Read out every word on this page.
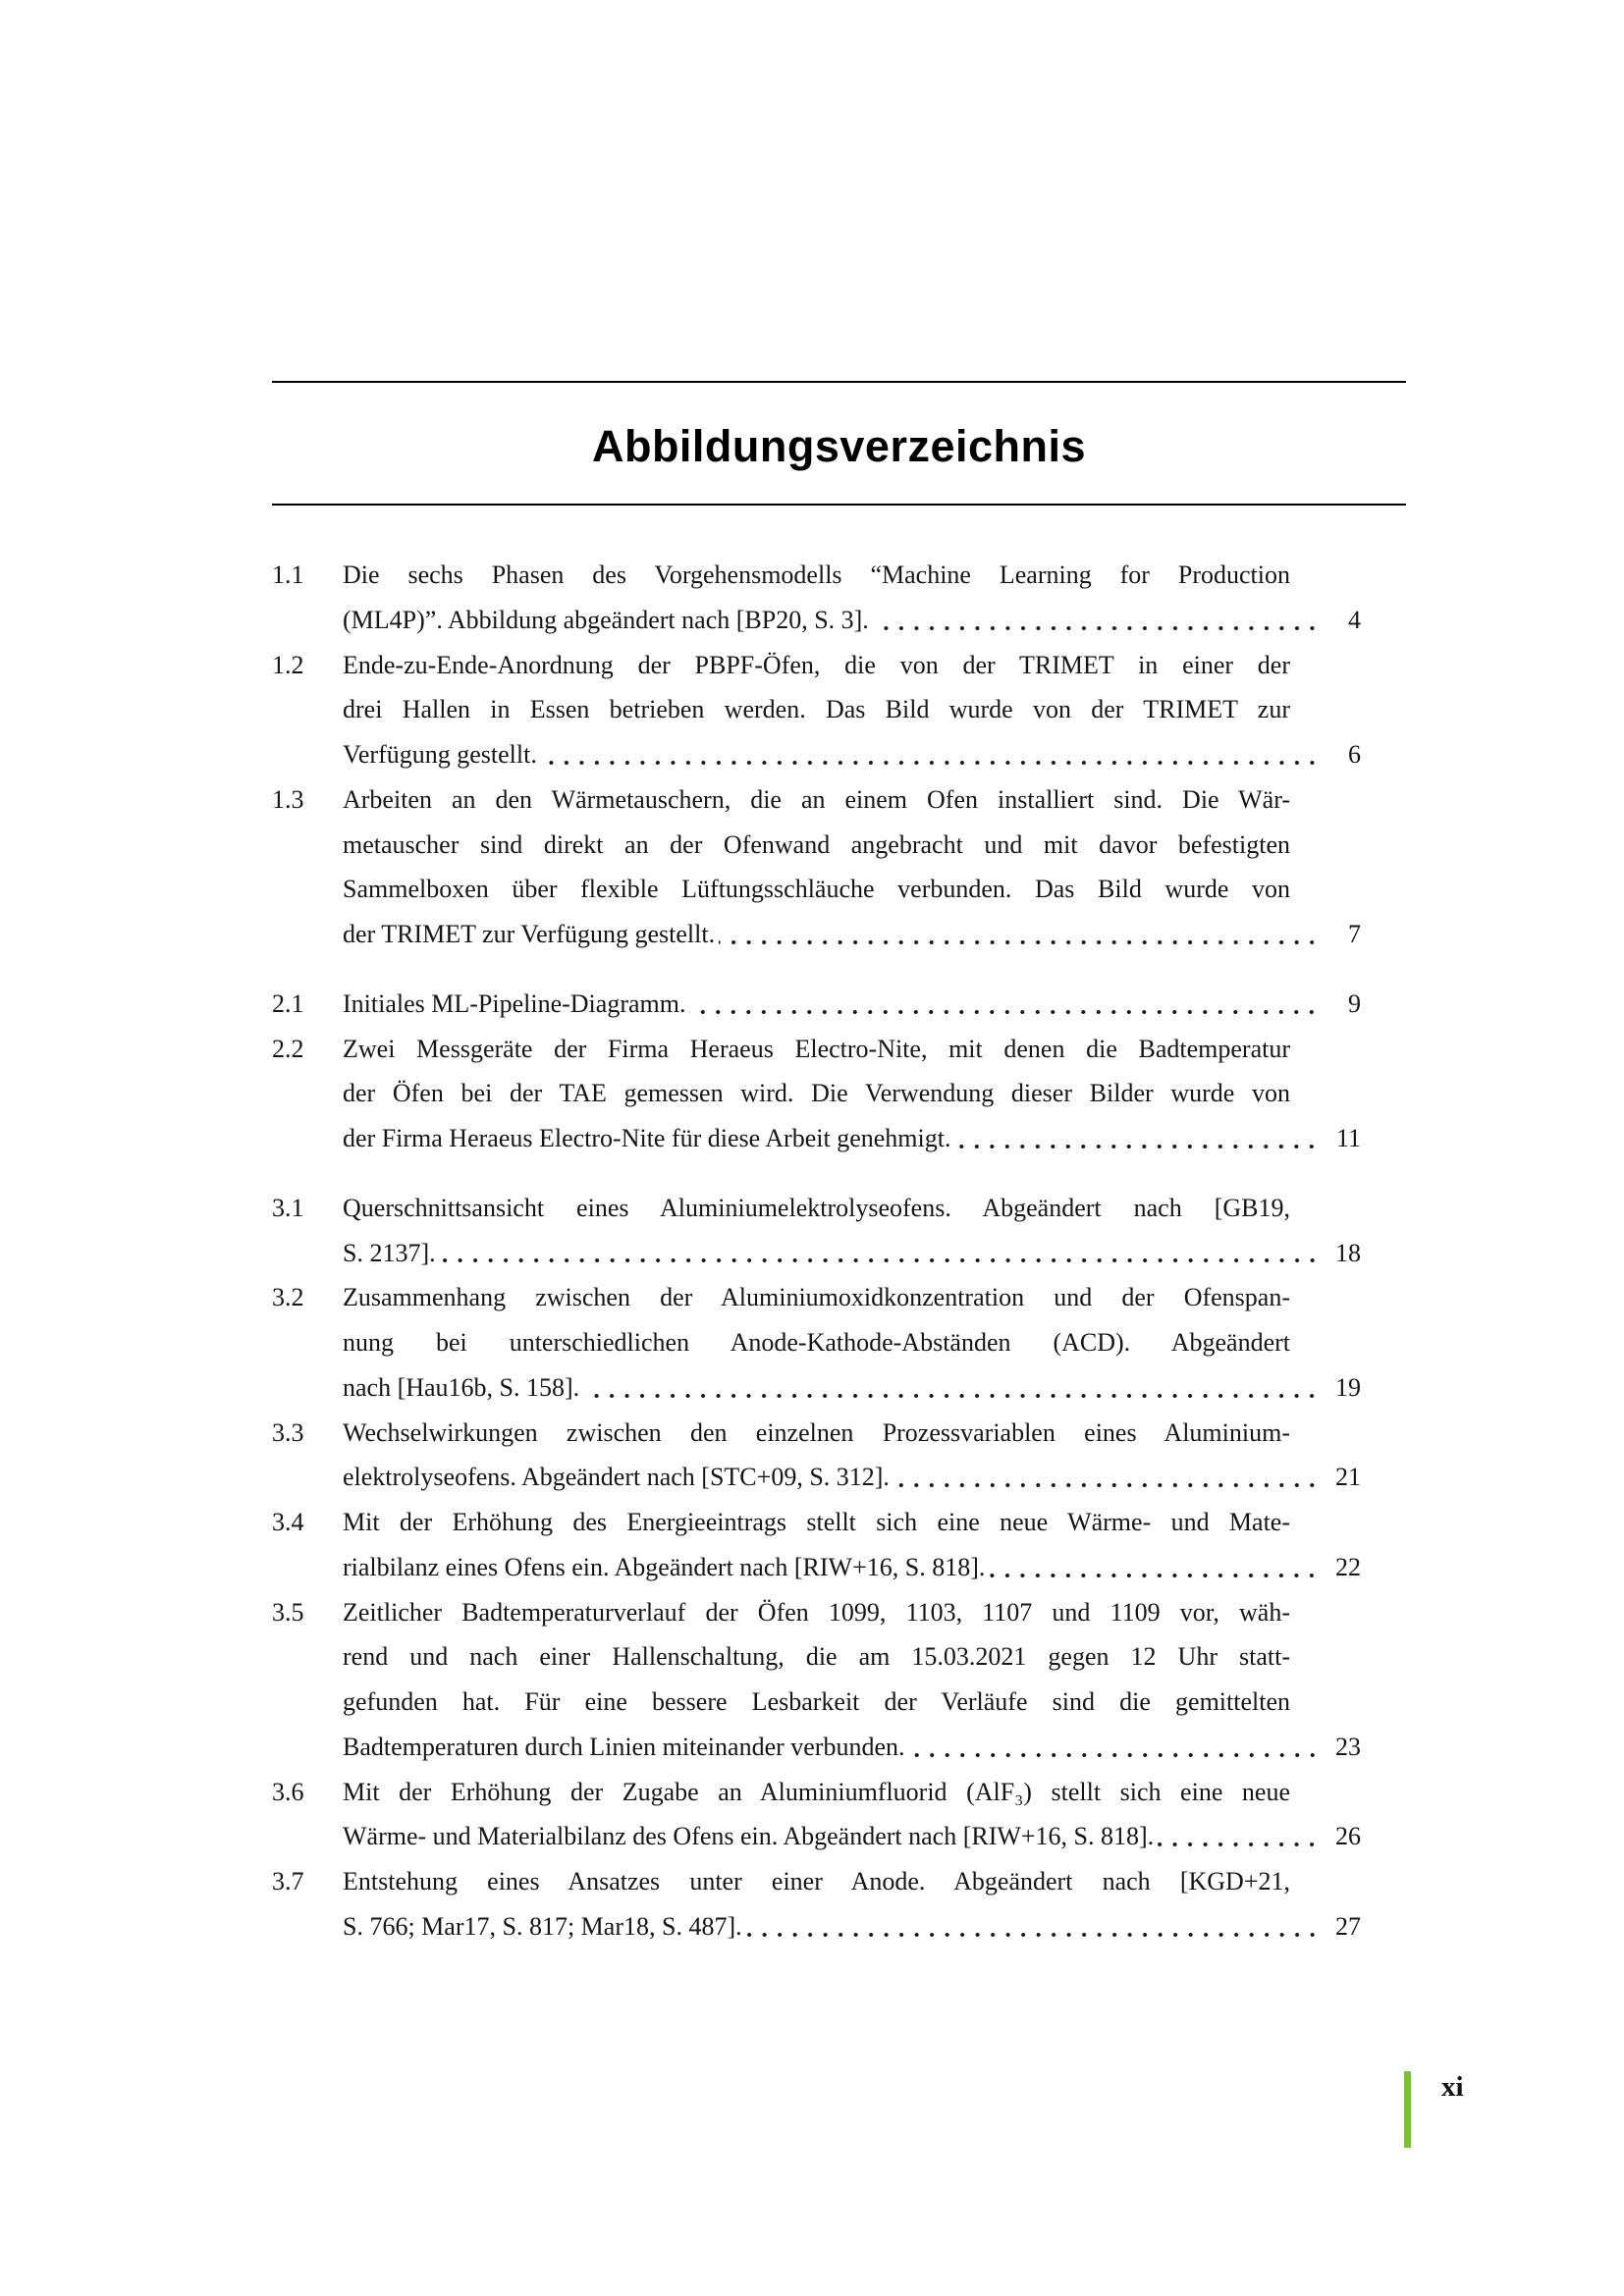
Abbildungsverzeichnis
1.1	Die sechs Phasen des Vorgehensmodells “Machine Learning for Production
(ML4P)”. Abbildung abgeändert nach [BP20, S. 3].	4
1.2	Ende-zu-Ende-Anordnung der PBPF-Öfen, die von der TRIMET in einer der
drei Hallen in Essen betrieben werden. Das Bild wurde von der TRIMET zur
Verfügung gestellt.	6
1.3	Arbeiten an den Wärmetauschern, die an einem Ofen installiert sind. Die Wär-
metauscher sind direkt an der Ofenwand angebracht und mit davor befestigten
Sammelboxen über flexible Lüftungsschläuche verbunden. Das Bild wurde von
der TRIMET zur Verfügung gestellt.	7
2.1	Initiales ML-Pipeline-Diagramm.	9
2.2	Zwei Messgeräte der Firma Heraeus Electro-Nite, mit denen die Badtemperatur
der Öfen bei der TAE gemessen wird. Die Verwendung dieser Bilder wurde von
der Firma Heraeus Electro-Nite für diese Arbeit genehmigt.	11
3.1	Querschnittsansicht eines Aluminiumelektrolyseofens. Abgeändert nach [GB19,
S. 2137].	18
3.2	Zusammenhang zwischen der Aluminiumoxidkonzentration und der Ofenspan-
nung bei unterschiedlichen Anode-Kathode-Abständen (ACD). Abgeändert
nach [Hau16b, S. 158].	19
3.3	Wechselwirkungen zwischen den einzelnen Prozessvariablen eines Aluminium-
elektrolyseofens. Abgeändert nach [STC+09, S. 312].	21
3.4	Mit der Erhöhung des Energieeintrags stellt sich eine neue Wärme- und Mate-
rialbilanz eines Ofens ein. Abgeändert nach [RIW+16, S. 818].	22
3.5	Zeitlicher Badtemperaturverlauf der Öfen 1099, 1103, 1107 und 1109 vor, wäh-
rend und nach einer Hallenschaltung, die am 15.03.2021 gegen 12 Uhr statt-
gefunden hat. Für eine bessere Lesbarkeit der Verläufe sind die gemittelten
Badtemperaturen durch Linien miteinander verbunden.	23
3.6	Mit der Erhöhung der Zugabe an Aluminiumfluorid (AlF₃) stellt sich eine neue
Wärme- und Materialbilanz des Ofens ein. Abgeändert nach [RIW+16, S. 818].	26
3.7	Entstehung eines Ansatzes unter einer Anode. Abgeändert nach [KGD+21,
S. 766; Mar17, S. 817; Mar18, S. 487].	27
xi
